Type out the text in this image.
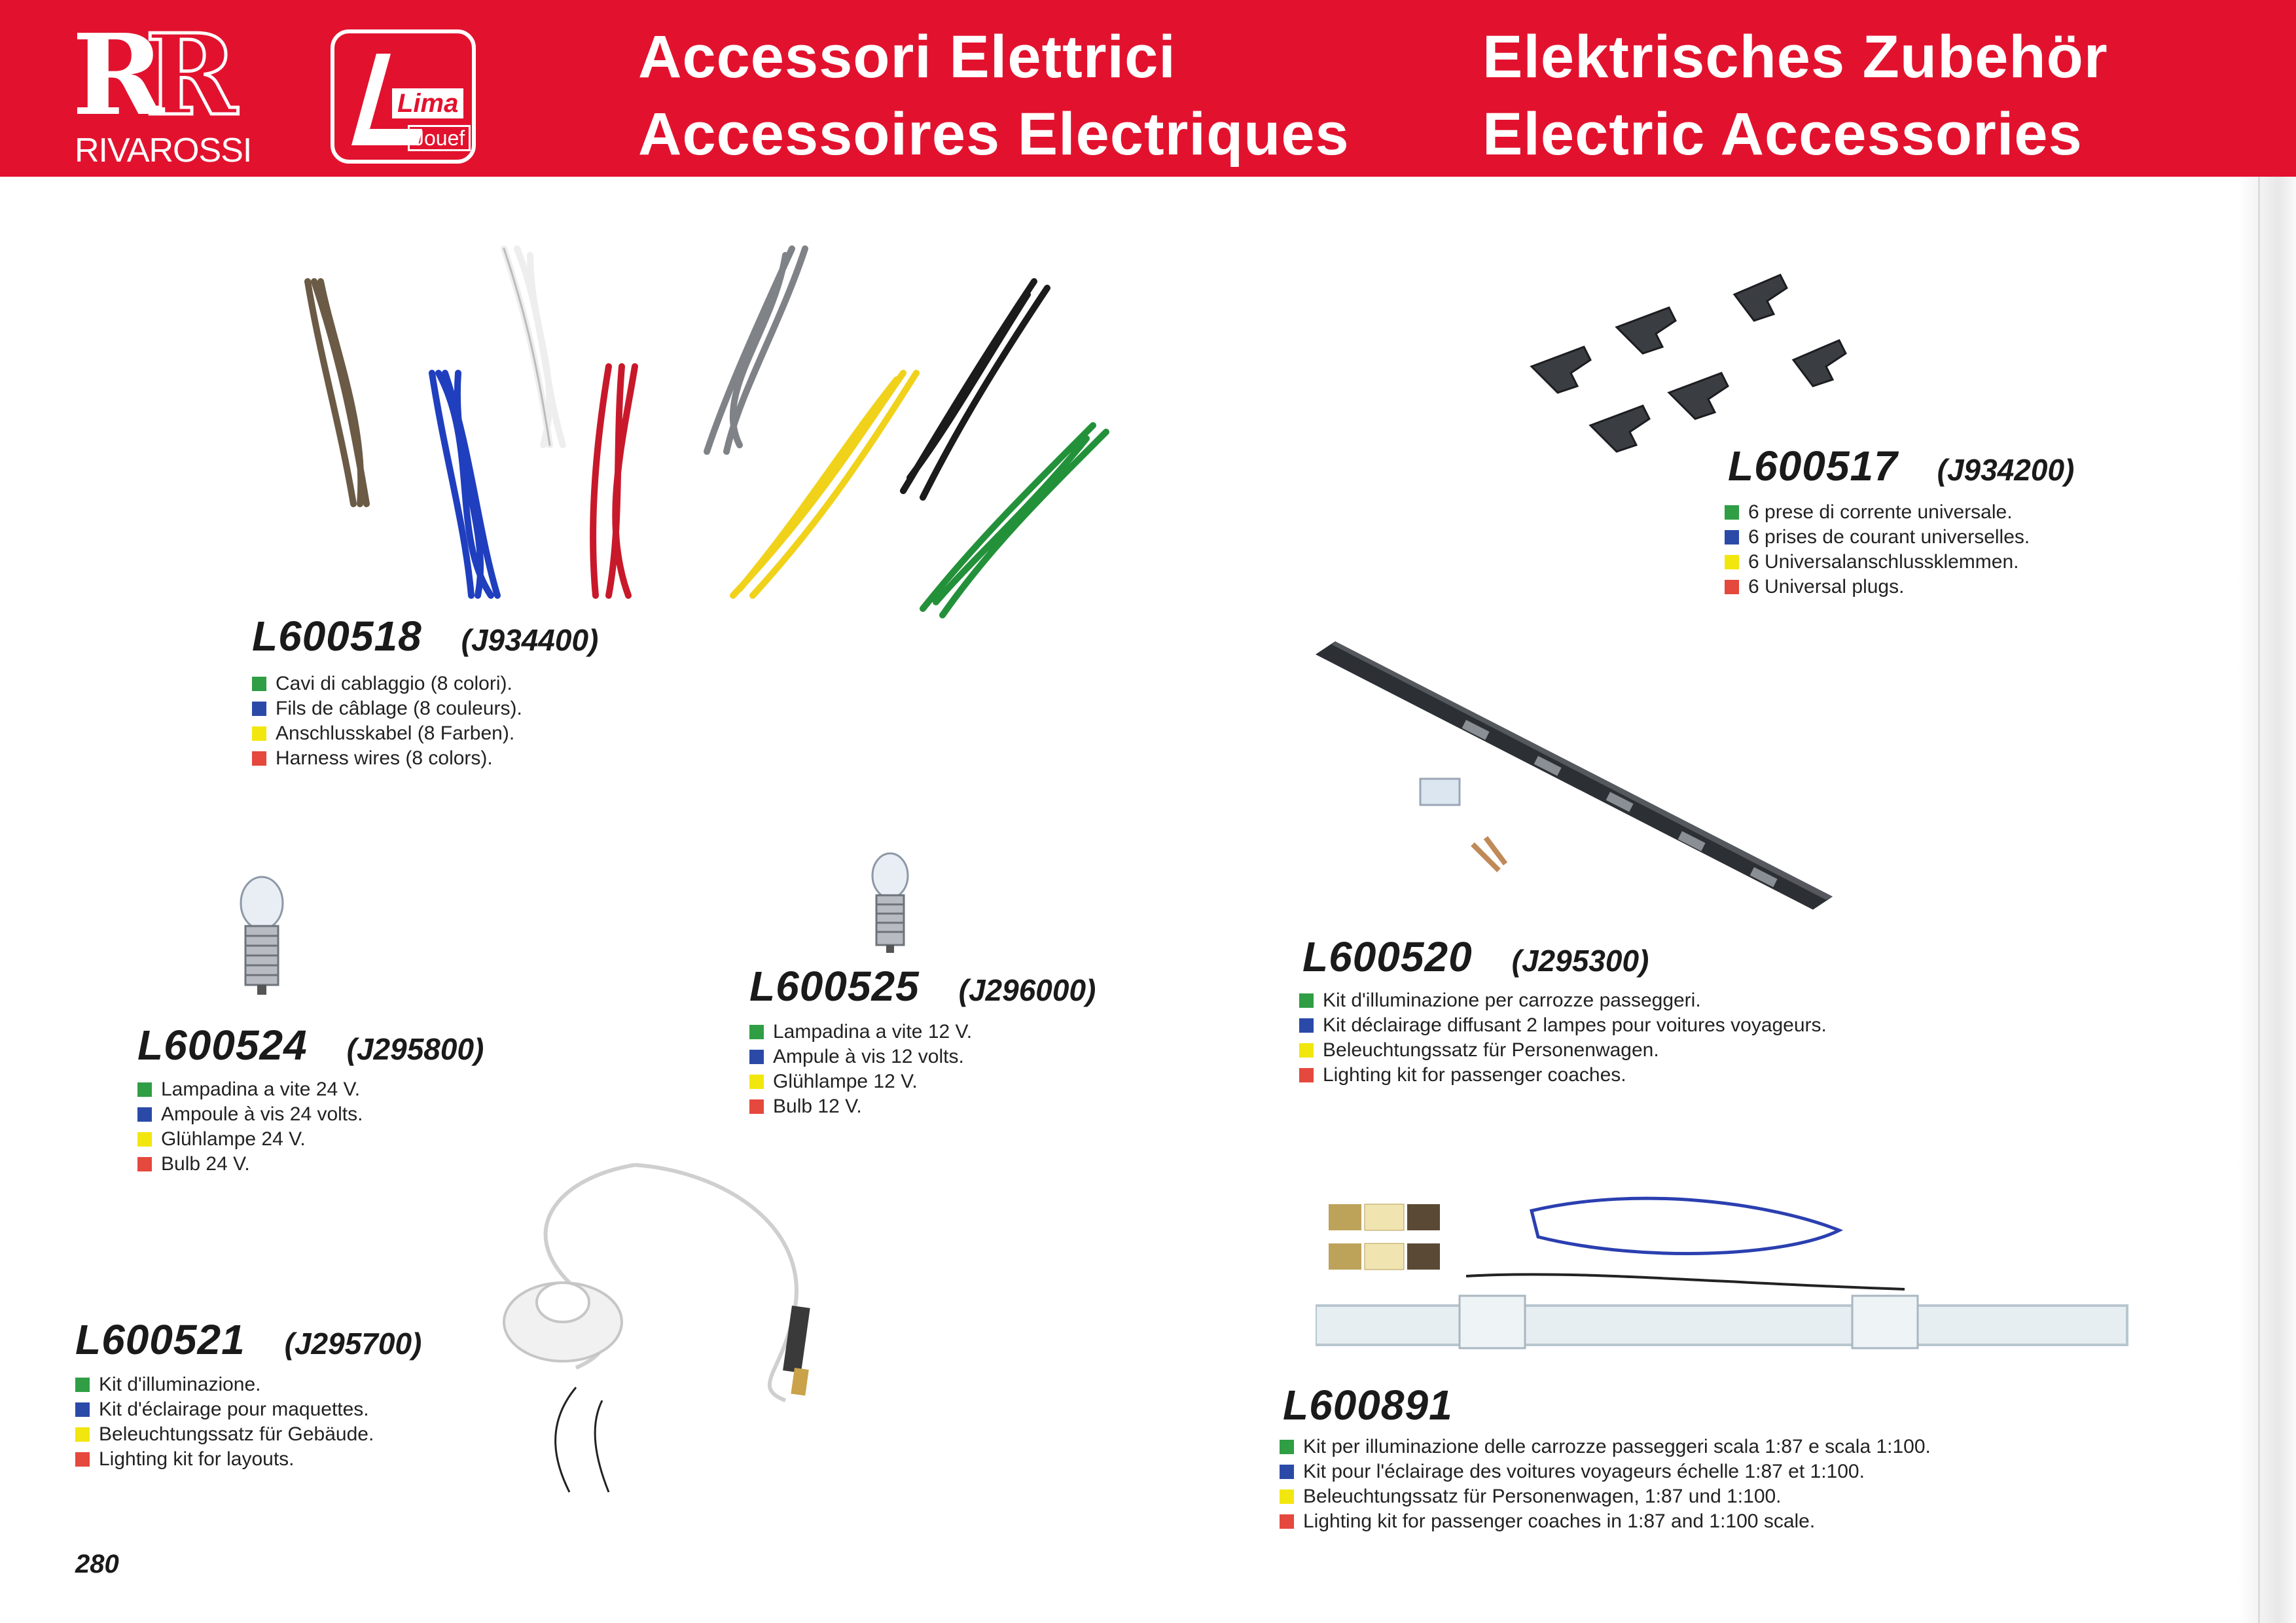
RR
RIVAROSSI
Lima
Jouef
Accessori Elettrici
Accessoires Electriques
Elektrisches Zubehör
Electric Accessories
L600518 (J934400)
Cavi di cablaggio (8 colori).
Fils de câblage (8 couleurs).
Anschlusskabel (8 Farben).
Harness wires (8 colors).
L600517 (J934200)
6 prese di corrente universale.
6 prises de courant universelles.
6 Universalanschlussklemmen.
6 Universal plugs.
L600520 (J295300)
Kit d'illuminazione per carrozze passeggeri.
Kit déclairage diffusant 2 lampes pour voitures voyageurs.
Beleuchtungssatz für Personenwagen.
Lighting kit for passenger coaches.
L600524 (J295800)
Lampadina a vite 24 V.
Ampoule à vis 24 volts.
Glühlampe 24 V.
Bulb 24 V.
L600525 (J296000)
Lampadina a vite 12 V.
Ampule à vis 12 volts.
Glühlampe 12 V.
Bulb 12 V.
L600521 (J295700)
Kit d'illuminazione.
Kit d'éclairage pour maquettes.
Beleuchtungssatz für Gebäude.
Lighting kit for layouts.
L600891
Kit per illuminazione delle carrozze passeggeri scala 1:87 e scala 1:100.
Kit pour l'éclairage des voitures voyageurs échelle 1:87 et 1:100.
Beleuchtungssatz für Personenwagen, 1:87 und 1:100.
Lighting kit for passenger coaches in 1:87 and 1:100 scale.
280
